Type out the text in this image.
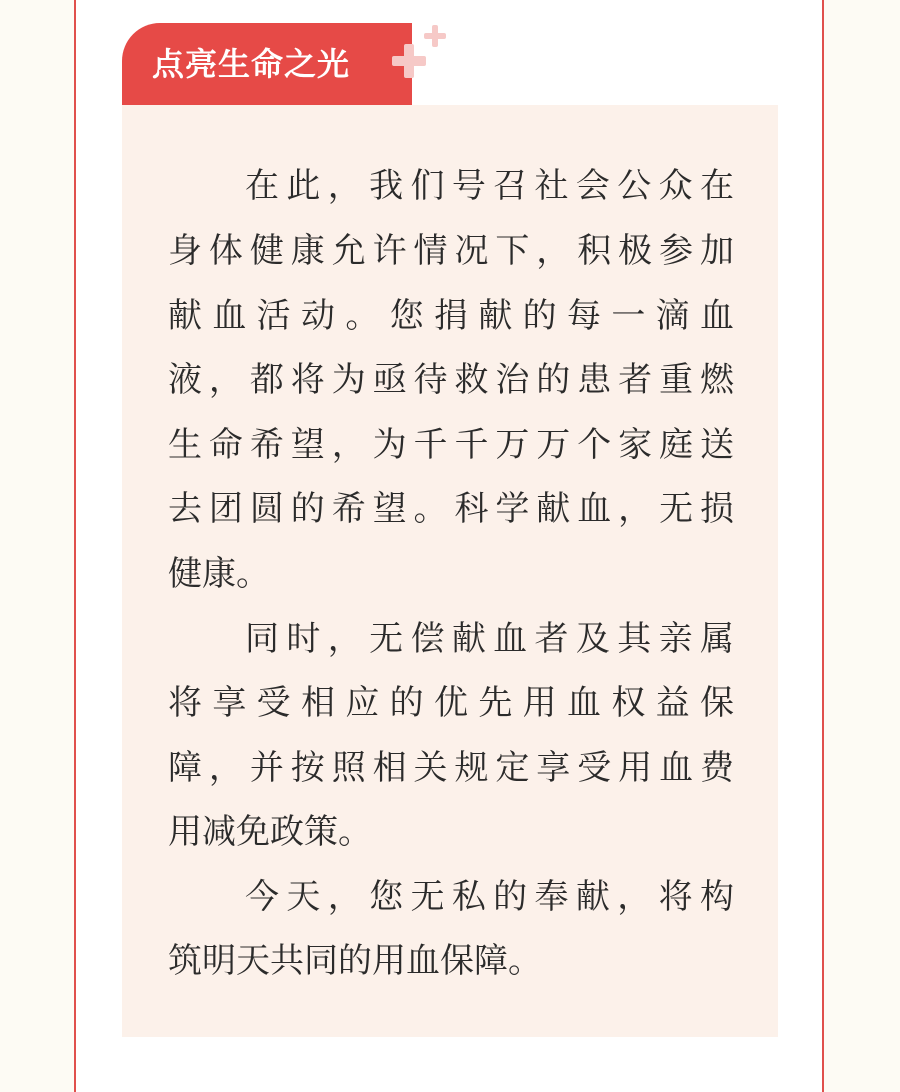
点亮生命之光
在此，我们号召社会公众在
身体健康允许情况下，积极参加
献血活动。您捐献的每一滴血
液，都将为亟待救治的患者重燃
生命希望，为千千万万个家庭送
去团圆的希望。科学献血，无损
健康。
同时，无偿献血者及其亲属
将享受相应的优先用血权益保
障，并按照相关规定享受用血费
用减免政策。
今天，您无私的奉献，将构
筑明天共同的用血保障。
